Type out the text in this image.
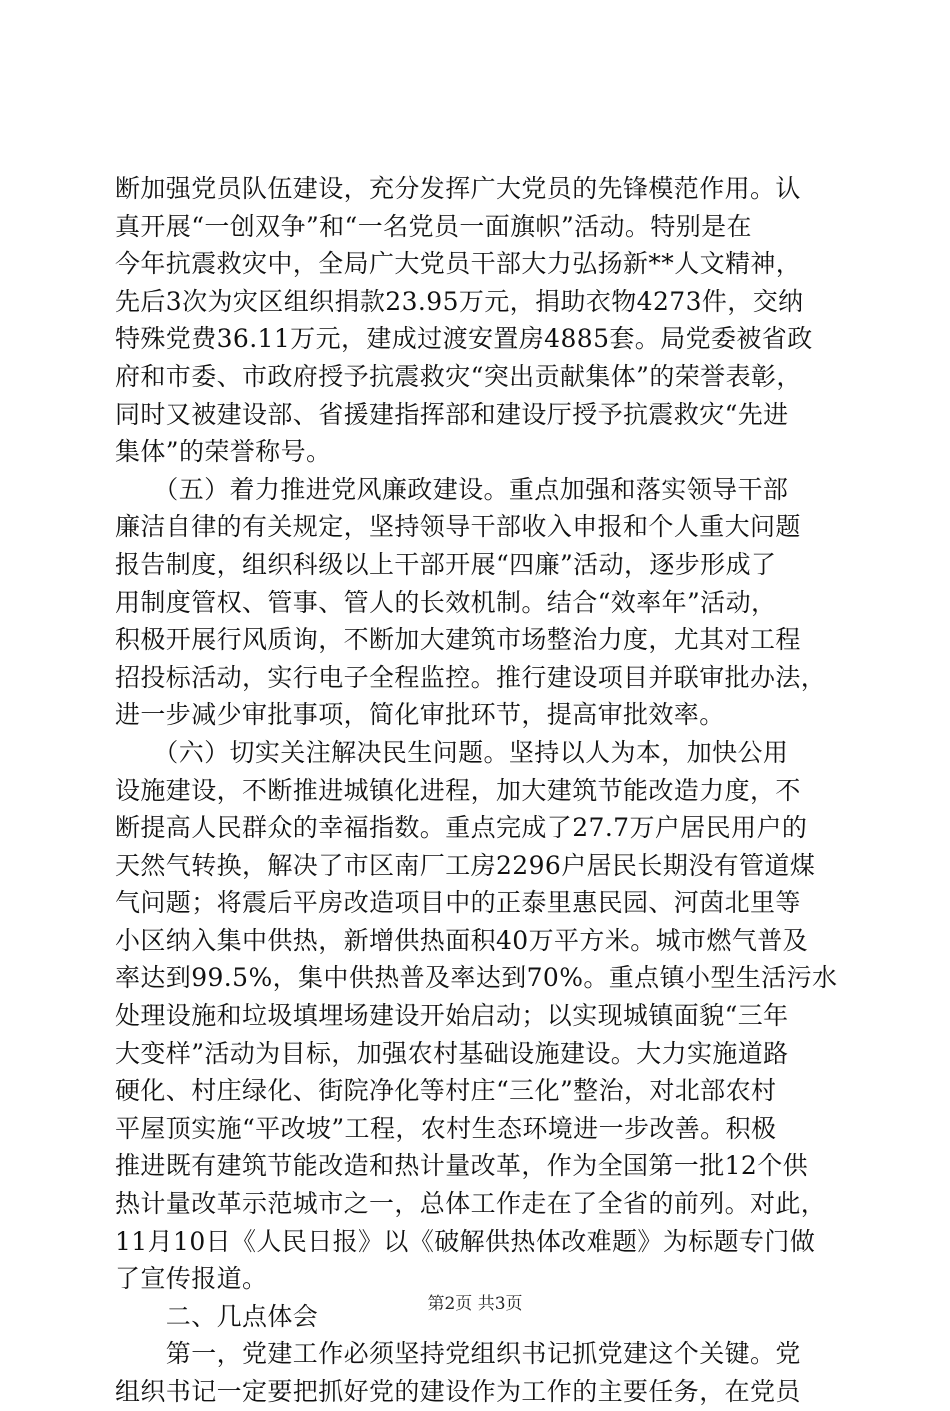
断加强党员队伍建设，充分发挥广大党员的先锋模范作用。认
真开展“一创双争”和“一名党员一面旗帜”活动。特别是在
今年抗震救灾中，全局广大党员干部大力弘扬新**人文精神，
先后3次为灾区组织捐款23.95万元，捐助衣物4273件，交纳
特殊党费36.11万元，建成过渡安置房4885套。局党委被省政
府和市委、市政府授予抗震救灾“突出贡献集体”的荣誉表彰，
同时又被建设部、省援建指挥部和建设厅授予抗震救灾“先进
集体”的荣誉称号。
　　（五）着力推进党风廉政建设。重点加强和落实领导干部
廉洁自律的有关规定，坚持领导干部收入申报和个人重大问题
报告制度，组织科级以上干部开展“四廉”活动，逐步形成了
用制度管权、管事、管人的长效机制。结合“效率年”活动，
积极开展行风质询，不断加大建筑市场整治力度，尤其对工程
招投标活动，实行电子全程监控。推行建设项目并联审批办法，
进一步减少审批事项，简化审批环节，提高审批效率。
　　（六）切实关注解决民生问题。坚持以人为本，加快公用
设施建设，不断推进城镇化进程，加大建筑节能改造力度，不
断提高人民群众的幸福指数。重点完成了27.7万户居民用户的
天然气转换，解决了市区南厂工房2296户居民长期没有管道煤
气问题；将震后平房改造项目中的正泰里惠民园、河茵北里等
小区纳入集中供热，新增供热面积40万平方米。城市燃气普及
率达到99.5%，集中供热普及率达到70%。重点镇小型生活污水
处理设施和垃圾填埋场建设开始启动；以实现城镇面貌“三年
大变样”活动为目标，加强农村基础设施建设。大力实施道路
硬化、村庄绿化、街院净化等村庄“三化”整治，对北部农村
平屋顶实施“平改坡”工程，农村生态环境进一步改善。积极
推进既有建筑节能改造和热计量改革，作为全国第一批12个供
热计量改革示范城市之一，总体工作走在了全省的前列。对此，
11月10日《人民日报》以《破解供热体改难题》为标题专门做
了宣传报道。
　　二、几点体会
　　第一，党建工作必须坚持党组织书记抓党建这个关键。党
组织书记一定要把抓好党的建设作为工作的主要任务，在党员
第2页 共3页
